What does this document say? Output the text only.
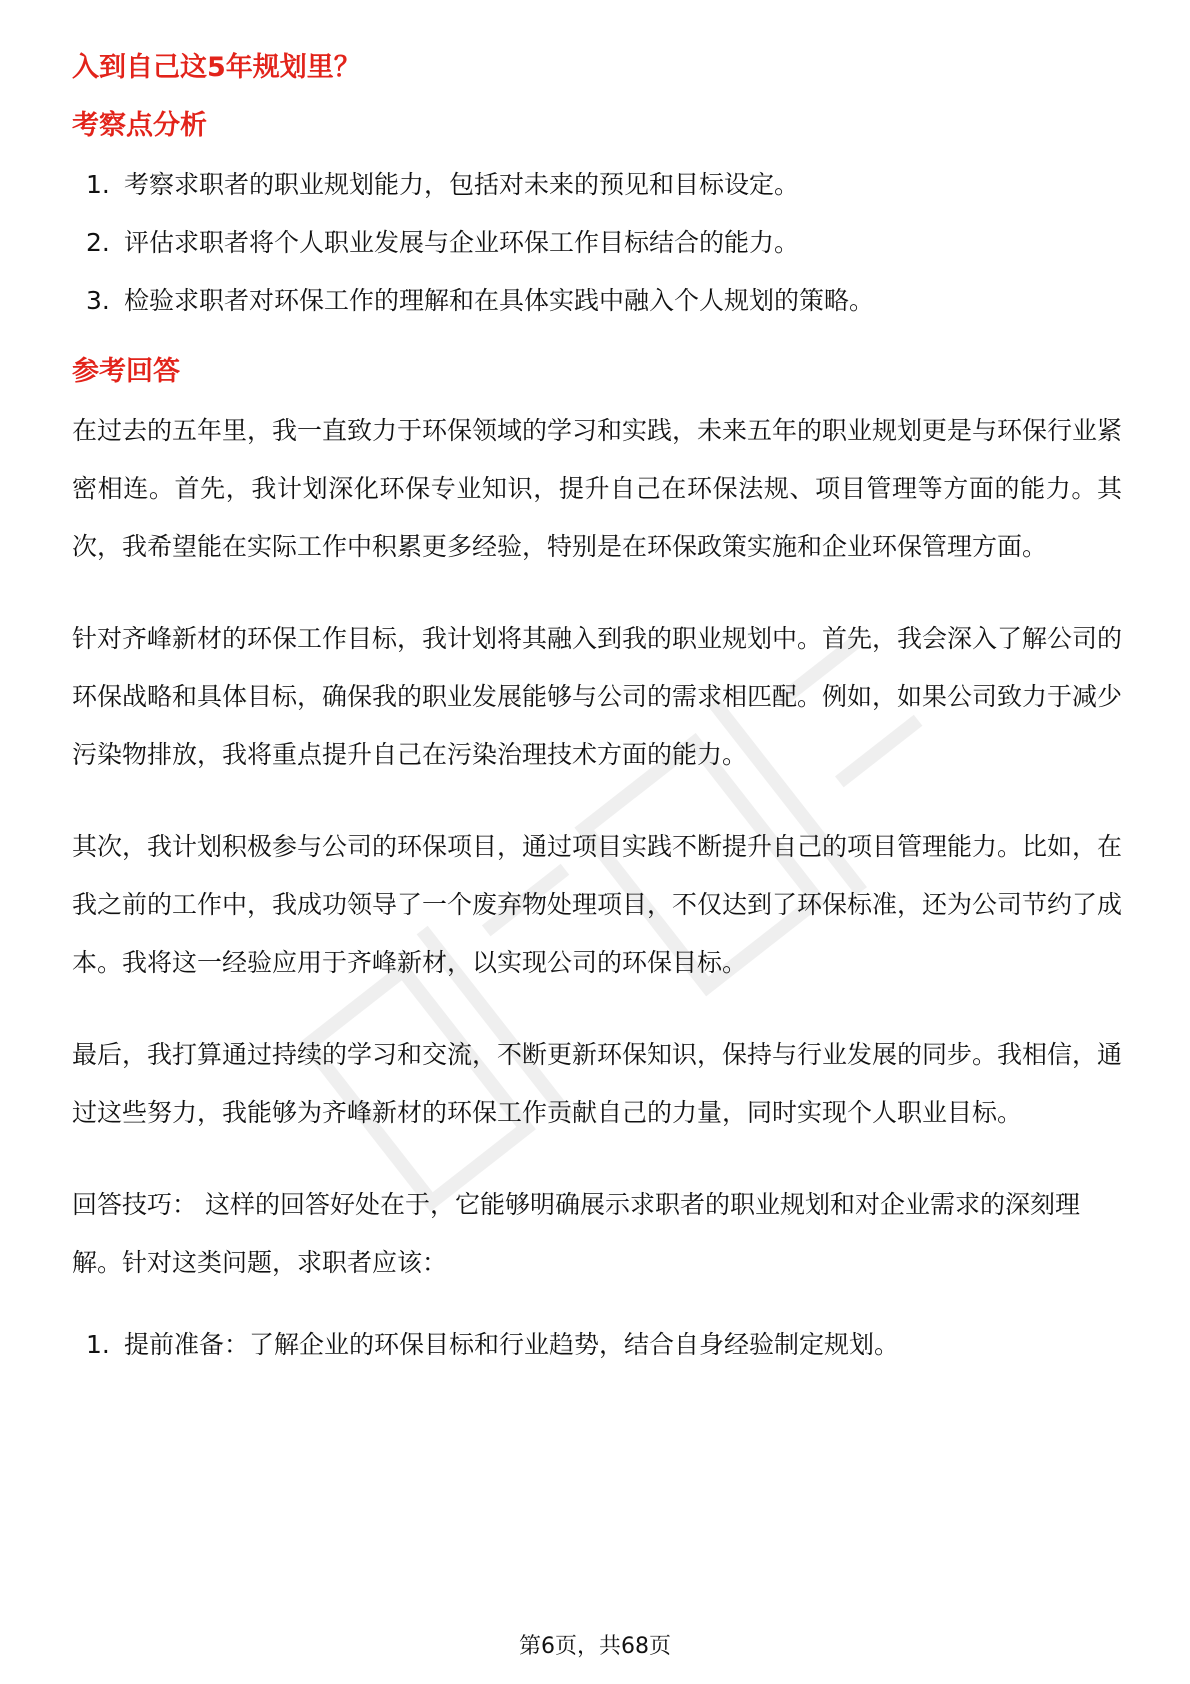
入到自己这5年规划里？
考察点分析
1. 考察求职者的职业规划能力，包括对未来的预见和目标设定。
2. 评估求职者将个人职业发展与企业环保工作目标结合的能力。
3. 检验求职者对环保工作的理解和在具体实践中融入个人规划的策略。
参考回答

在过去的五年里，我一直致力于环保领域的学习和实践，未来五年的职业规划更是与环保行业紧密相连。首先，我计划深化环保专业知识，提升自己在环保法规、项目管理等方面的能力。其次，我希望能在实际工作中积累更多经验，特别是在环保政策实施和企业环保管理方面。

针对齐峰新材的环保工作目标，我计划将其融入到我的职业规划中。首先，我会深入了解公司的环保战略和具体目标，确保我的职业发展能够与公司的需求相匹配。例如，如果公司致力于减少污染物排放，我将重点提升自己在污染治理技术方面的能力。

其次，我计划积极参与公司的环保项目，通过项目实践不断提升自己的项目管理能力。比如，在我之前的工作中，我成功领导了一个废弃物处理项目，不仅达到了环保标准，还为公司节约了成本。我将这一经验应用于齐峰新材，以实现公司的环保目标。

最后，我打算通过持续的学习和交流，不断更新环保知识，保持与行业发展的同步。我相信，通过这些努力，我能够为齐峰新材的环保工作贡献自己的力量，同时实现个人职业目标。

回答技巧： 这样的回答好处在于，它能够明确展示求职者的职业规划和对企业需求的深刻理解。针对这类问题，求职者应该：

1. 提前准备：了解企业的环保目标和行业趋势，结合自身经验制定规划。
第6页，共68页
